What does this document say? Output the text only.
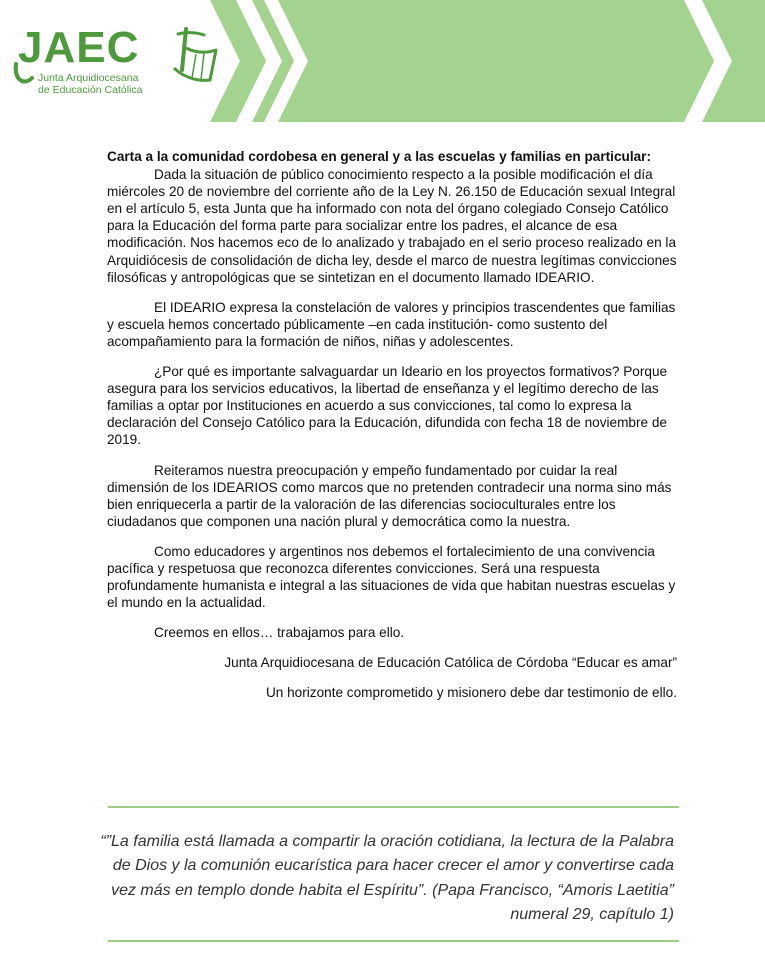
JAEC
Junta Arquidiocesana
de Educación Católica

Carta a la comunidad cordobesa en general y a las escuelas y familias en particular:

Dada la situación de público conocimiento respecto a la posible modificación el día miércoles 20 de noviembre del corriente año de la Ley N. 26.150 de Educación sexual Integral en el artículo 5, esta Junta que ha informado con nota del órgano colegiado Consejo Católico para la Educación del forma parte para socializar entre los padres, el alcance de esa modificación. Nos hacemos eco de lo analizado y trabajado en el serio proceso realizado en la Arquidiócesis de consolidación de dicha ley, desde el marco de nuestra legítimas convicciones filosóficas y antropológicas que se sintetizan en el documento llamado IDEARIO.

El IDEARIO expresa la constelación de valores y principios trascendentes que familias y escuela hemos concertado públicamente –en cada institución- como sustento del acompañamiento para la formación de niños, niñas y adolescentes.

¿Por qué es importante salvaguardar un Ideario en los proyectos formativos? Porque asegura para los servicios educativos, la libertad de enseñanza y el legítimo derecho de las familias a optar por Instituciones en acuerdo a sus convicciones, tal como lo expresa la declaración del Consejo Católico para la Educación, difundida con fecha 18 de noviembre de 2019.

Reiteramos nuestra preocupación y empeño fundamentado por cuidar la real dimensión de los IDEARIOS como marcos que no pretenden contradecir una norma sino más bien enriquecerla a partir de la valoración de las diferencias socioculturales entre los ciudadanos que componen una nación plural y democrática como la nuestra.

Como educadores y argentinos nos debemos el fortalecimiento de una convivencia pacífica y respetuosa que reconozca diferentes convicciones. Será una respuesta profundamente humanista e integral a las situaciones de vida que habitan nuestras escuelas y el mundo en la actualidad.

Creemos en ellos… trabajamos para ello.

Junta Arquidiocesana de Educación Católica de Córdoba “Educar es amar”

Un horizonte comprometido y misionero debe dar testimonio de ello.

“”La familia está llamada a compartir la oración cotidiana, la lectura de la Palabra de Dios y la comunión eucarística para hacer crecer el amor y convertirse cada vez más en templo donde habita el Espíritu”. (Papa Francisco, “Amoris Laetitia” numeral 29, capítulo 1)
